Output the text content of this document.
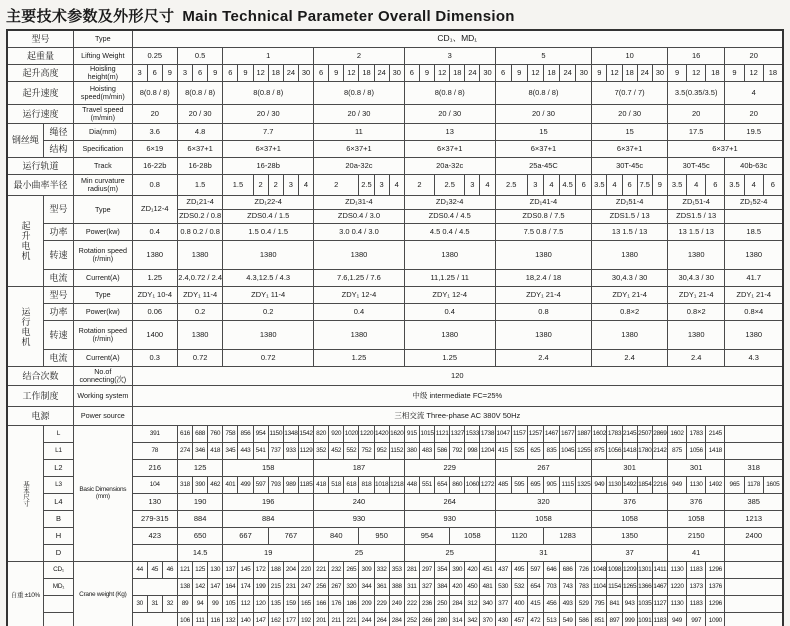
主要技术参数及外形尺寸 Main Technical Parameter Overall Dimension
型号		Type	CD₁、MD₁																																								
起重量		Lifting Weight	0.25			0.5			1						2						3						5						10					16			20		
起升高度		Hoisling height(m)	3	6	9	3	6	9	6	9	12	18	24	30	6	9	12	18	24	30	6	9	12	18	24	30	6	9	12	18	24	30	9	12	18	24	30	9	12	18	9	12	18
起升速度		Hoisting speed(m/min)	8(0.8 / 8)			8(0.8 / 8)			8(0.8 / 8)						8(0.8 / 8)						8(0.8 / 8)						8(0.8 / 8)						7(0.7 / 7)					3.5(0.35/3.5)			4		
运行速度		Travel speed (m/min)	20			20 / 30			20 / 30						20 / 30						20 / 30						20 / 30						20 / 30					20			20		
钢丝绳	绳径	Dia(mm)	3.6			4.8			7.7						11						13						15						15					17.5			19.5		
	结构	Specification	6×19			6×37+1			6×37+1						6×37+1						6×37+1						6×37+1						6×37+1					6×37+1					
运行轨道		Track	16-22b			16-28b			16-28b						20a-32c						20a-32c						25a-45C						30T-45c					30T-45c			40b-63c		
最小曲率半径		Min curvature radius(m)	0.8			1.5			1.5		2	2	3	4	2			2.5	3	4	2		2.5		3	4	2.5		3	4	4.5	6	3.5	4	6	7.5	9	3.5	4	6	3.5	4	6
起升电机	型号	Type	ZD₁12-4			ZD₁21-4			ZD₁22-4						ZD₁31-4						ZD₁32-4						ZD₁41-4						ZD₁51-4					ZD₁51-4			ZD₁52-4		
						ZDS0.2 / 0.8			ZDS0.4 / 1.5						ZDS0.4 / 3.0						ZDS0.4 / 4.5						ZDS0.8 / 7.5						ZDS1.5 / 13					ZDS1.5 / 13					
	功率	Power(kw)	0.4			0.8 0.2 / 0.8			1.5 0.4 / 1.5						3.0 0.4 / 3.0						4.5 0.4 / 4.5						7.5 0.8 / 7.5						13 1.5 / 13					13 1.5 / 13			18.5		
	转速	Rotation speed (r/min)	1380			1380			1380						1380						1380						1380						1380					1380			1380		
	电流	Current(A)	1.25			2.4,0.72 / 2.4			4.3,12.5 / 4.3						7.6,1.25 / 7.6						11,1.25 / 11						18,2.4 / 18						30,4.3 / 30					30,4.3 / 30			41.7		
运行电机	型号	Type	ZDY₁ 10-4			ZDY₁ 11-4			ZDY₁ 11-4						ZDY₁ 12-4						ZDY₁ 12-4						ZDY₁ 21-4						ZDY₁ 21-4					ZDY₁ 21-4			ZDY₁ 21-4		
	功率	Power(kw)	0.06			0.2			0.2						0.4						0.4						0.8						0.8×2					0.8×2			0.8×4		
	转速	Rotation speed (r/min)	1400			1380			1380						1380						1380						1380						1380					1380			1380		
	电流	Current(A)	0.3			0.72			0.72						1.25						1.25						2.4						2.4					2.4			4.3		
结合次数		No.of connecting(次)	120																																								
工作制度		Working system	中级 intermediate FC=25%																																								
电源		Power source	三相交流 Three-phase AC 380V 50Hz																																								
基本尺寸	L	Basic Dimensions (mm)	391			616	688	760	758	856	954	1150	1348	1542	820	920	1020	1220	1420	1620	915	1015	1121	1327	1533	1738	1047	1157	1257	1467	1677	1887	1602	1783	2145	2507	2869	1602	1783	2145			
	L1		78			274	346	418	345	443	541	737	933	1129	352	452	552	752	952	1152	380	483	586	792	998	1204	415	525	625	835	1045	1255	875	1056	1418	1780	2142	875	1056	1418			
	L2		216			125			158						187						229						267						301					301			318		
	L3		104			318	390	462	401	499	597	793	989	1185	418	518	618	818	1018	1218	448	551	654	860	1060	1272	485	595	695	905	1115	1325	949	1130	1492	1854	2216	949	1130	1492	965	1178	1605
	L4		130			190			196						240						264						320						376					376			385		
	B		279-315			884			884						930						930						1058						1058					1058			1213		
	H		423			650			667			767			840			950			954			1058			1120			1283			1350					2150			2400		
	D					14.5			19						25						25						31						37					41					
自重 ±10%	CD₁	Crane weight (Kg)	44	45	46	121	125	130	137	145	172	188	204	220	221	232	265	309	332	353	281	297	354	390	420	451	437	495	597	646	686	726	1048	1098	1209	1301	1411	1130	1183	1296			
	MD₁					138	142	147	164	174	199	215	231	247	256	267	320	344	361	388	311	327	384	420	450	481	530	532	654	703	743	783	1104	1154	1265	1366	1467	1220	1373	1376			
			30	31	32	89	94	99	105	112	120	135	159	165	166	176	186	209	229	249	222	236	250	284	312	340	377	400	415	456	493	529	795	841	943	1035	1127	1130	1183	1296			
						106	111	116	132	140	147	162	177	192	201	211	221	244	264	284	252	266	280	314	342	370	430	457	472	513	549	586	851	897	999	1091	1183	949	997	1090			
